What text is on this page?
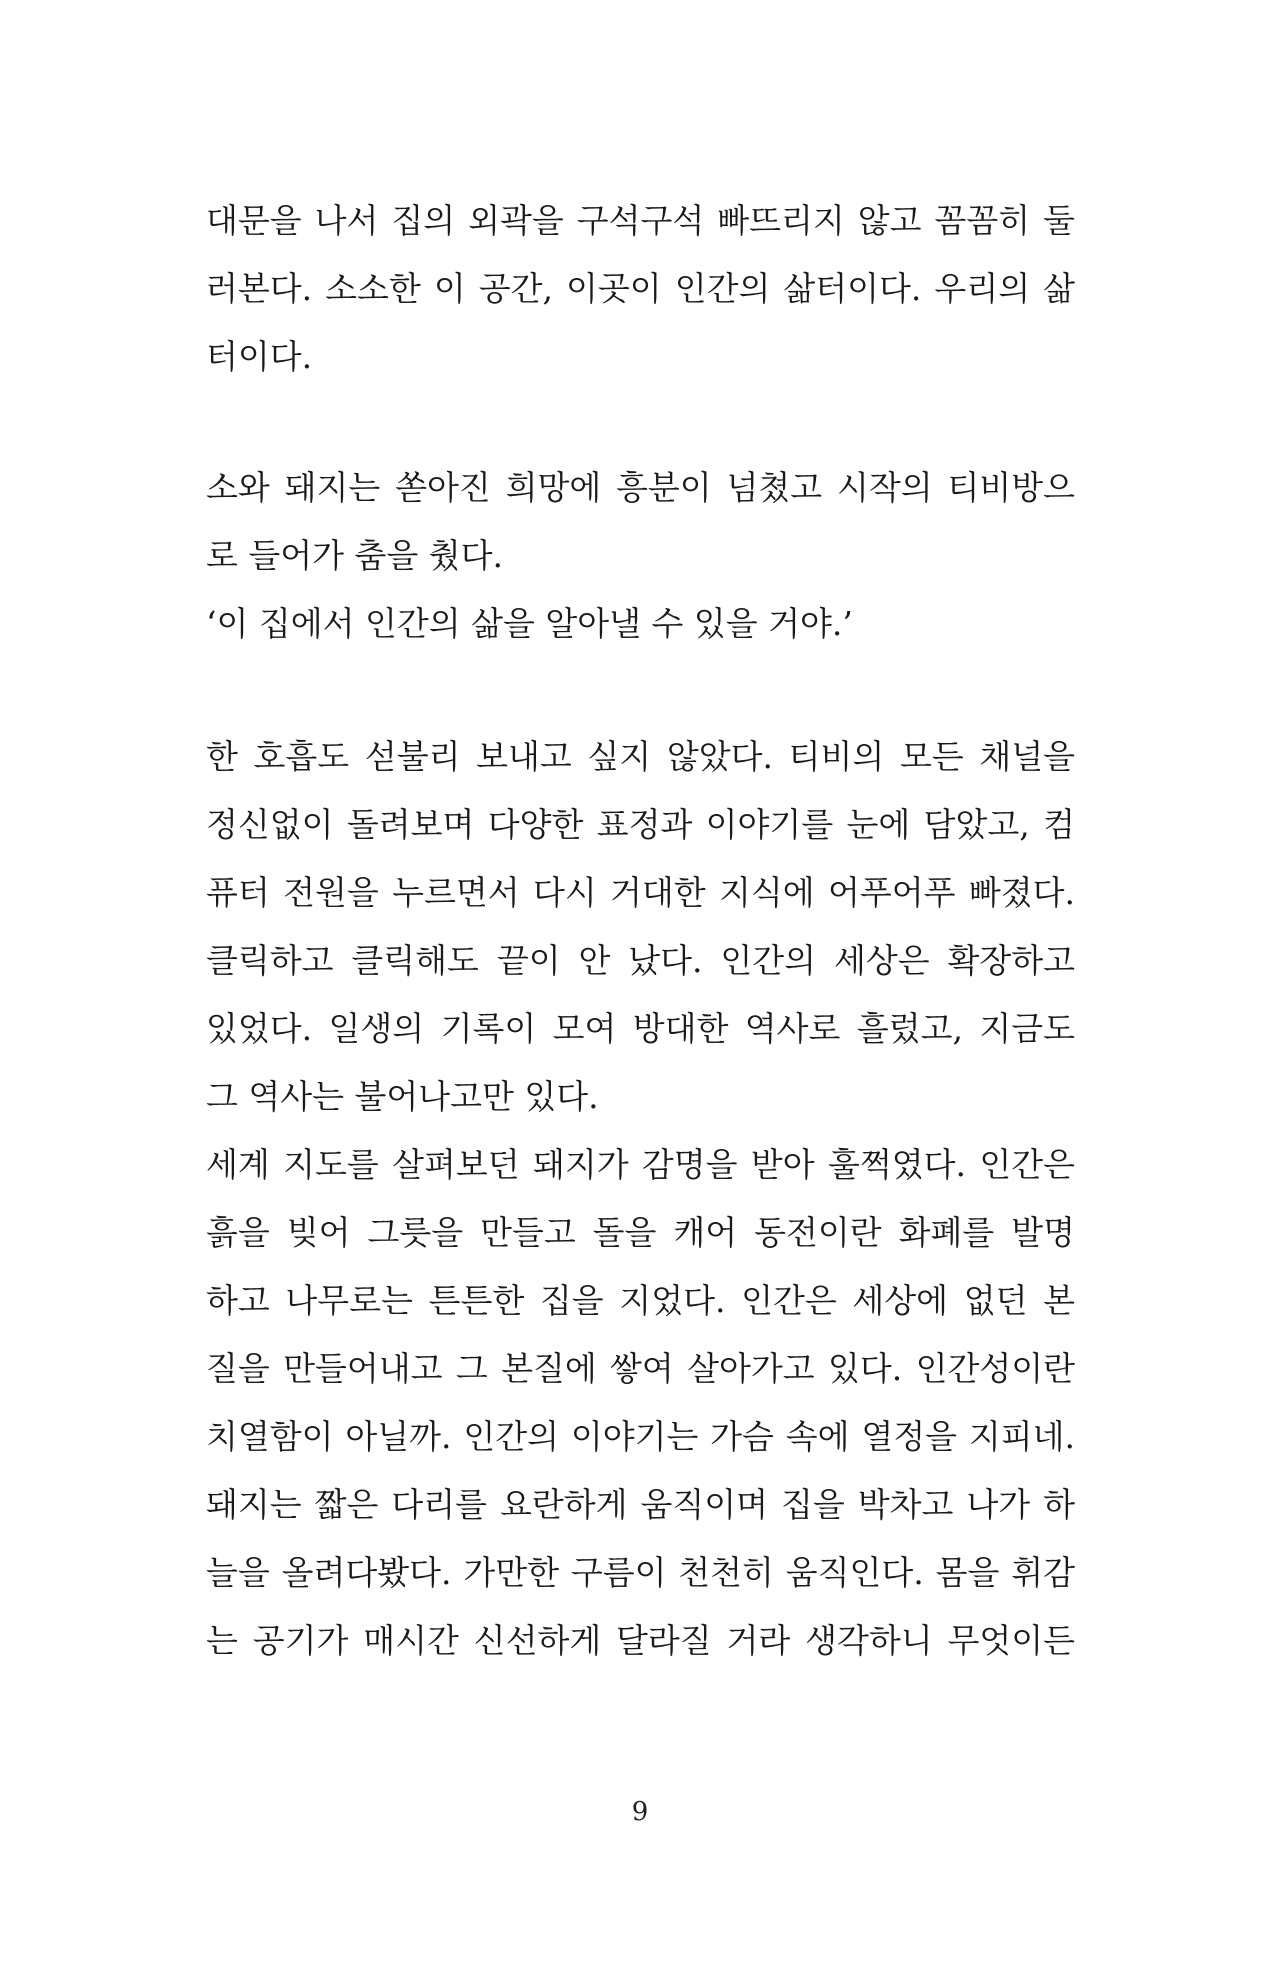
대문을 나서 집의 외곽을 구석구석 빠뜨리지 않고 꼼꼼히 둘
러본다. 소소한 이 공간, 이곳이 인간의 삶터이다. 우리의 삶
터이다.
소와 돼지는 쏟아진 희망에 흥분이 넘쳤고 시작의 티비방으
로 들어가 춤을 췄다.
‘이 집에서 인간의 삶을 알아낼 수 있을 거야.’
한 호흡도 섣불리 보내고 싶지 않았다. 티비의 모든 채널을
정신없이 돌려보며 다양한 표정과 이야기를 눈에 담았고, 컴
퓨터 전원을 누르면서 다시 거대한 지식에 어푸어푸 빠졌다.
클릭하고 클릭해도 끝이 안 났다. 인간의 세상은 확장하고
있었다. 일생의 기록이 모여 방대한 역사로 흘렀고, 지금도
그 역사는 불어나고만 있다.
세계 지도를 살펴보던 돼지가 감명을 받아 훌쩍였다. 인간은
흙을 빚어 그릇을 만들고 돌을 캐어 동전이란 화폐를 발명
하고 나무로는 튼튼한 집을 지었다. 인간은 세상에 없던 본
질을 만들어내고 그 본질에 쌓여 살아가고 있다. 인간성이란
치열함이 아닐까. 인간의 이야기는 가슴 속에 열정을 지피네.
돼지는 짧은 다리를 요란하게 움직이며 집을 박차고 나가 하
늘을 올려다봤다. 가만한 구름이 천천히 움직인다. 몸을 휘감
는 공기가 매시간 신선하게 달라질 거라 생각하니 무엇이든
9
